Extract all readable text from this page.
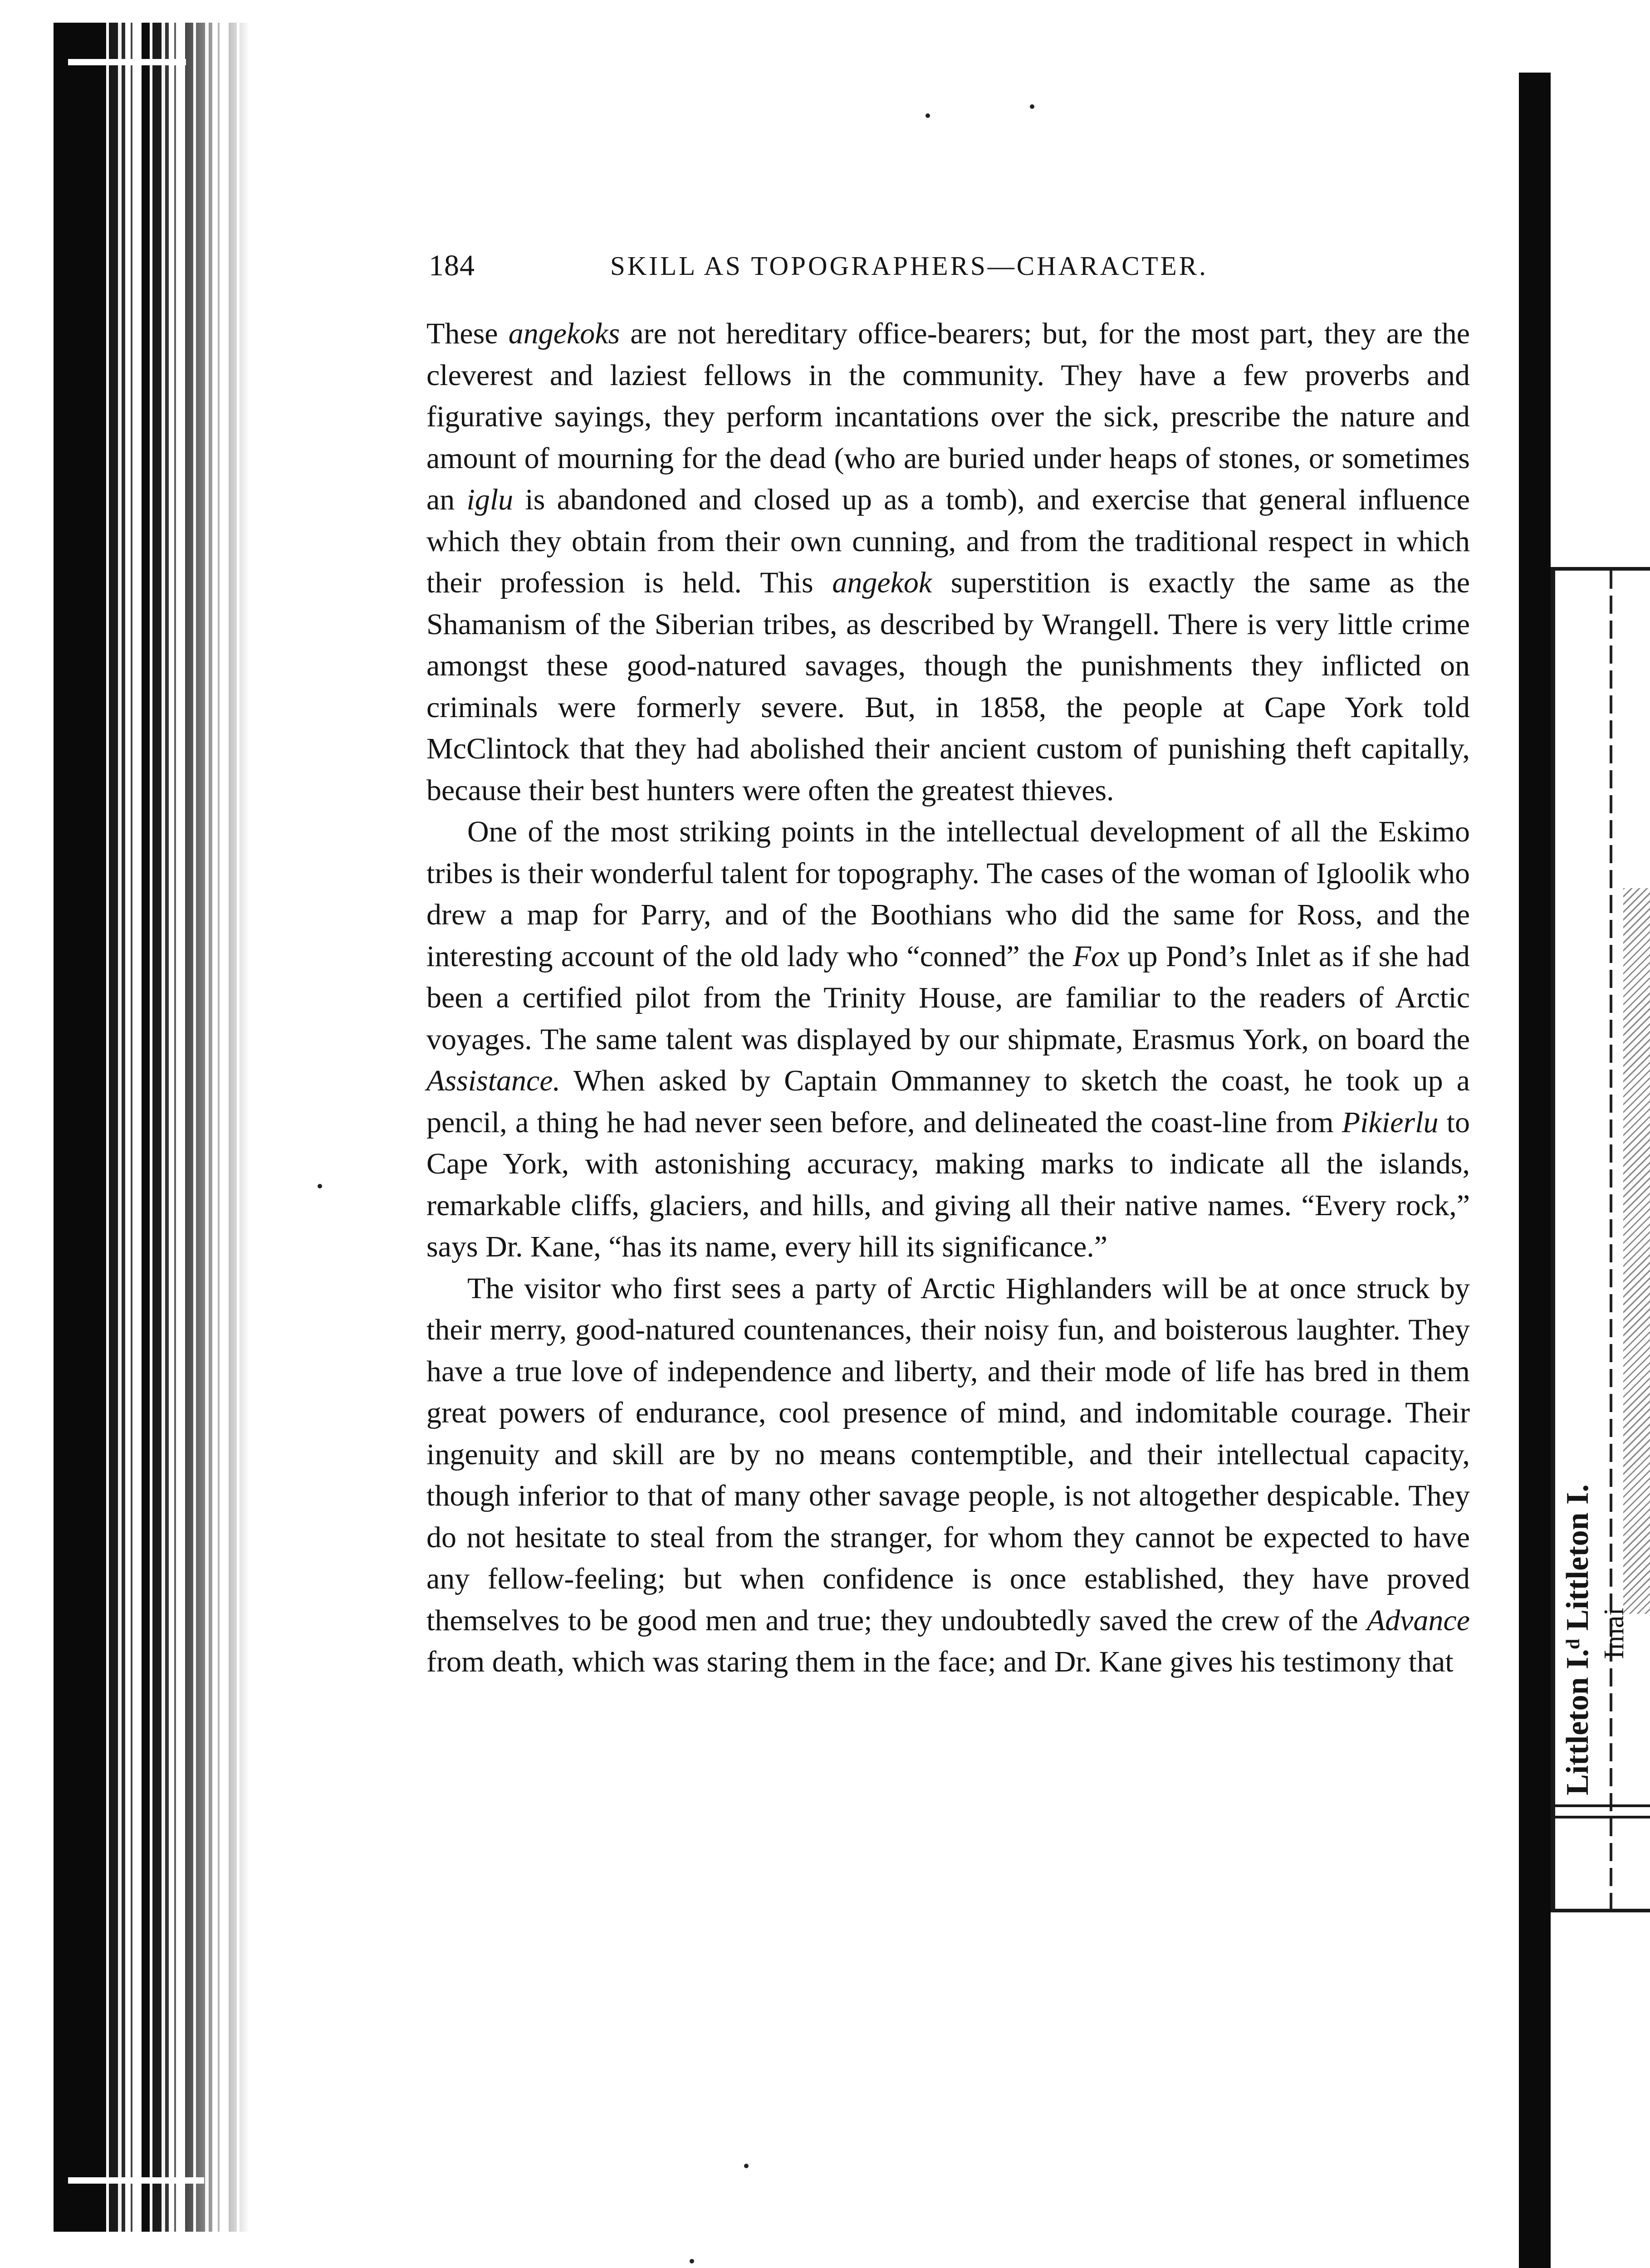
Littleton I.ᵈ Littleton I. Imai
184	SKILL AS TOPOGRAPHERS—CHARACTER.

These angekoks are not hereditary office-bearers; but, for the most part, they are the cleverest and laziest fellows in the community. They have a few proverbs and figurative sayings, they perform incantations over the sick, prescribe the nature and amount of mourning for the dead (who are buried under heaps of stones, or sometimes an iglu is abandoned and closed up as a tomb), and exercise that general influence which they obtain from their own cunning, and from the traditional respect in which their profession is held. This angekok superstition is exactly the same as the Shamanism of the Siberian tribes, as described by Wrangell. There is very little crime amongst these good-natured savages, though the punishments they inflicted on criminals were formerly severe. But, in 1858, the people at Cape York told McClintock that they had abolished their ancient custom of punishing theft capitally, because their best hunters were often the greatest thieves.

One of the most striking points in the intellectual development of all the Eskimo tribes is their wonderful talent for topography. The cases of the woman of Igloolik who drew a map for Parry, and of the Boothians who did the same for Ross, and the interesting account of the old lady who “conned” the Fox up Pond’s Inlet as if she had been a certified pilot from the Trinity House, are familiar to the readers of Arctic voyages. The same talent was displayed by our shipmate, Erasmus York, on board the Assistance. When asked by Captain Ommanney to sketch the coast, he took up a pencil, a thing he had never seen before, and delineated the coast-line from Pikierlu to Cape York, with astonishing accuracy, making marks to indicate all the islands, remarkable cliffs, glaciers, and hills, and giving all their native names. “Every rock,” says Dr. Kane, “has its name, every hill its significance.”

The visitor who first sees a party of Arctic Highlanders will be at once struck by their merry, good-natured countenances, their noisy fun, and boisterous laughter. They have a true love of independence and liberty, and their mode of life has bred in them great powers of endurance, cool presence of mind, and indomitable courage. Their ingenuity and skill are by no means contemptible, and their intellectual capacity, though inferior to that of many other savage people, is not altogether despicable. They do not hesitate to steal from the stranger, for whom they cannot be expected to have any fellow-feeling; but when confidence is once established, they have proved themselves to be good men and true; they undoubtedly saved the crew of the Advance from death, which was staring them in the face; and Dr. Kane gives his testimony that
